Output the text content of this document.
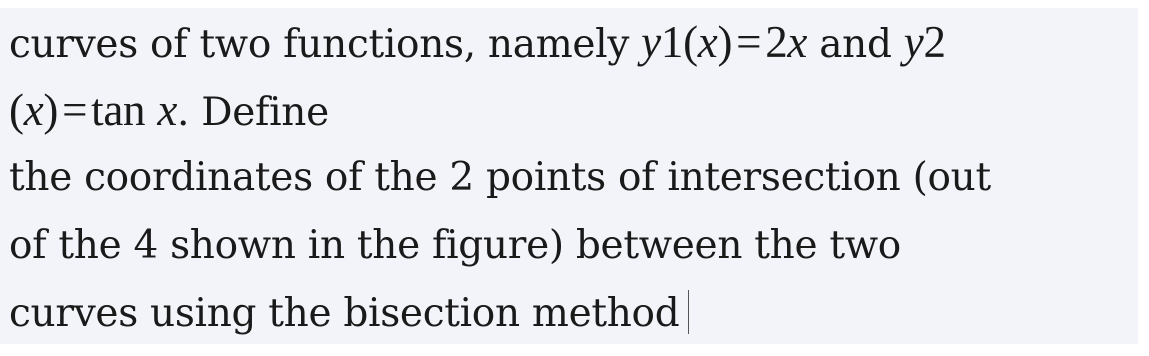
curves of two functions, namely y1(x)=2x and y2
(x)=tan x. Define
the coordinates of the 2 points of intersection (out
of the 4 shown in the figure) between the two
curves using the bisection method
